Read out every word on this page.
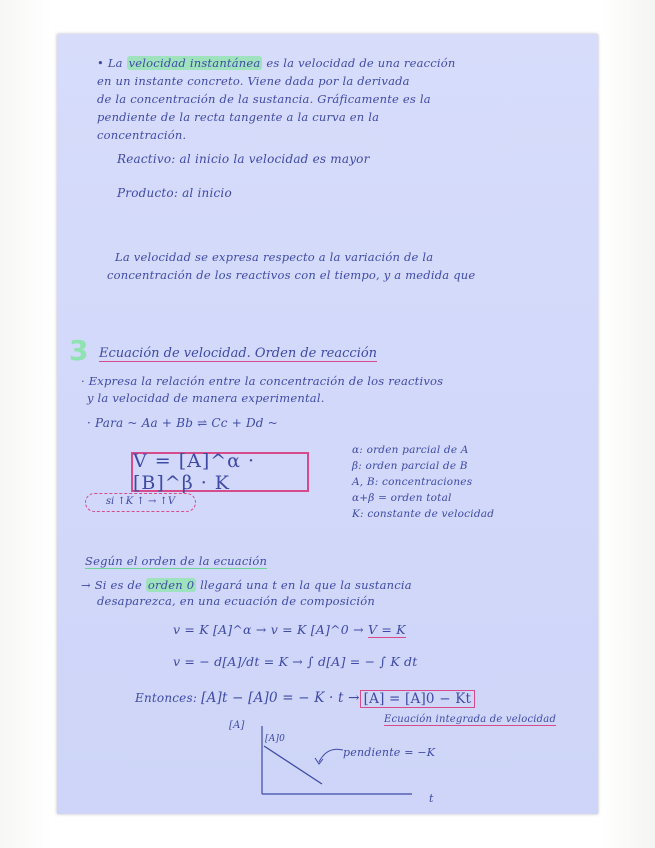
• La velocidad instantánea es la velocidad de una reacción
en un instante concreto. Viene dada por la derivada
de la concentración de la sustancia. Gráficamente es la
pendiente de la recta tangente a la curva en la
concentración.
Reactivo: al inicio la velocidad es mayor
Producto: al inicio
La velocidad se expresa respecto a la variación de la
concentración de los reactivos con el tiempo, y a medida que
3 Ecuación de velocidad. Orden de reacción
· Expresa la relación entre la concentración de los reactivos
y la velocidad de manera experimental.
· Para ~ Aa + Bb ⇌ Cc + Dd ~
V = [A]^α · [B]^β · K
si ↑K ↑ → ↑V
α: orden parcial de A
β: orden parcial de B
A, B: concentraciones
α+β = orden total
K: constante de velocidad
Según el orden de la ecuación
→ Si es de orden 0 llegará una t en la que la sustancia
desaparezca, en una ecuación de composición
v = K [A]^α → v = K [A]^0 → V = K
v = − d[A]/dt = K → ∫ d[A] = − ∫ K dt
Entonces: [A]t − [A]0 = − K · t → [A] = [A]0 − Kt
Ecuación integrada de velocidad
[A]
[A]0
pendiente = −K
t
